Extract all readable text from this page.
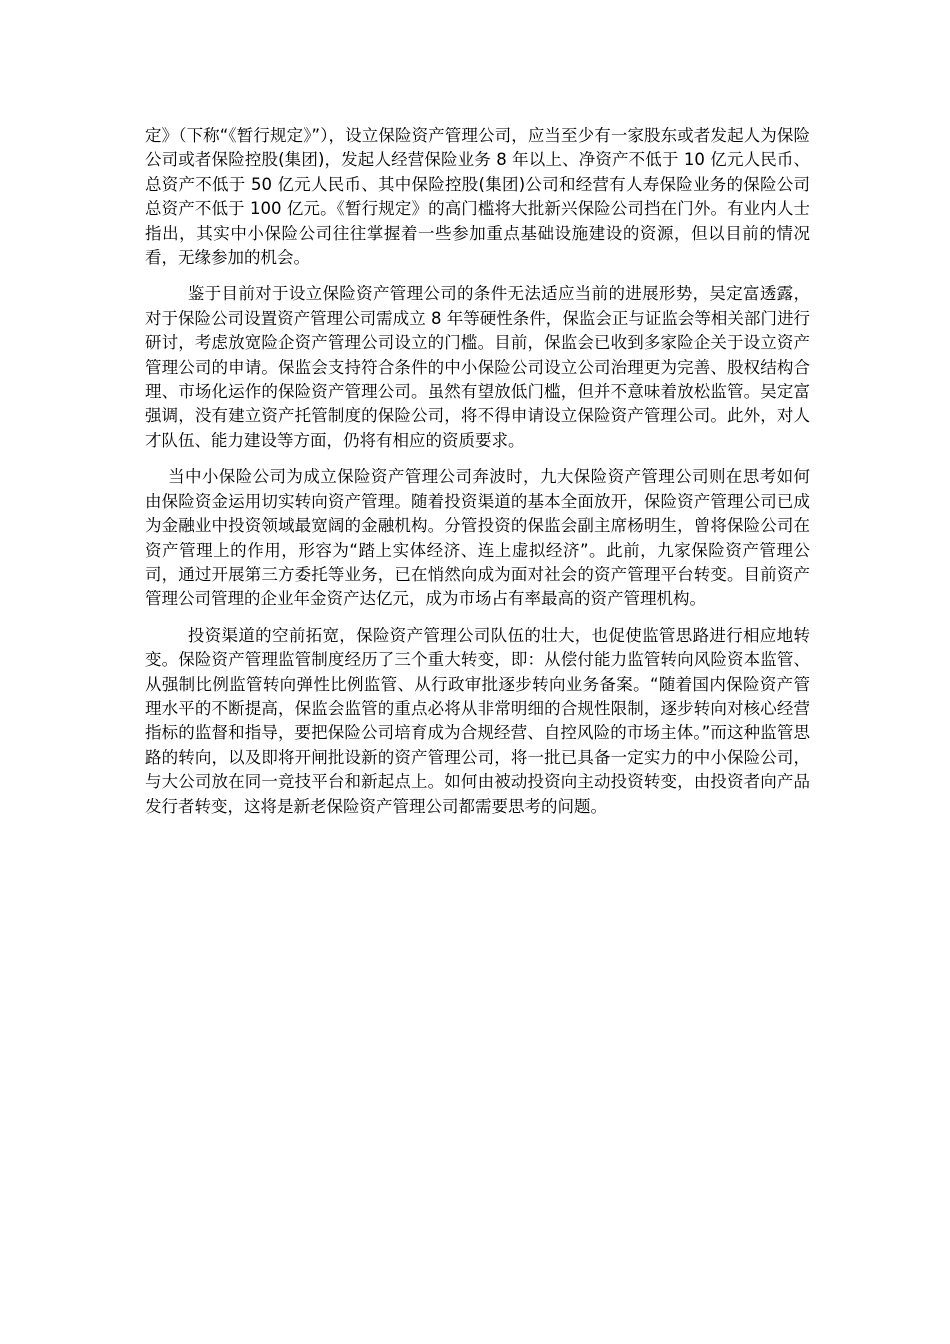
定》（下称“《暂行规定》”），设立保险资产管理公司，应当至少有一家股东或者发起人为保险公司或者保险控股(集团)，发起人经营保险业务 8 年以上、净资产不低于 10 亿元人民币、总资产不低于 50 亿元人民币、其中保险控股(集团)公司和经营有人寿保险业务的保险公司总资产不低于 100 亿元。《暂行规定》的高门槛将大批新兴保险公司挡在门外。有业内人士指出，其实中小保险公司往往掌握着一些参加重点基础设施建设的资源，但以目前的情况看，无缘参加的机会。

鉴于目前对于设立保险资产管理公司的条件无法适应当前的进展形势，吴定富透露，对于保险公司设置资产管理公司需成立 8 年等硬性条件，保监会正与证监会等相关部门进行研讨，考虑放宽险企资产管理公司设立的门槛。目前，保监会已收到多家险企关于设立资产管理公司的申请。保监会支持符合条件的中小保险公司设立公司治理更为完善、股权结构合理、市场化运作的保险资产管理公司。虽然有望放低门槛，但并不意味着放松监管。吴定富强调，没有建立资产托管制度的保险公司，将不得申请设立保险资产管理公司。此外，对人才队伍、能力建设等方面，仍将有相应的资质要求。

当中小保险公司为成立保险资产管理公司奔波时，九大保险资产管理公司则在思考如何由保险资金运用切实转向资产管理。随着投资渠道的基本全面放开，保险资产管理公司已成为金融业中投资领域最宽阔的金融机构。分管投资的保监会副主席杨明生，曾将保险公司在资产管理上的作用，形容为“踏上实体经济、连上虚拟经济”。此前，九家保险资产管理公司，通过开展第三方委托等业务，已在悄然向成为面对社会的资产管理平台转变。目前资产管理公司管理的企业年金资产达亿元，成为市场占有率最高的资产管理机构。

投资渠道的空前拓宽，保险资产管理公司队伍的壮大，也促使监管思路进行相应地转变。保险资产管理监管制度经历了三个重大转变，即：从偿付能力监管转向风险资本监管、从强制比例监管转向弹性比例监管、从行政审批逐步转向业务备案。“随着国内保险资产管理水平的不断提高，保监会监管的重点必将从非常明细的合规性限制，逐步转向对核心经营指标的监督和指导，要把保险公司培育成为合规经营、自控风险的市场主体。”而这种监管思路的转向，以及即将开闸批设新的资产管理公司，将一批已具备一定实力的中小保险公司，与大公司放在同一竞技平台和新起点上。如何由被动投资向主动投资转变，由投资者向产品发行者转变，这将是新老保险资产管理公司都需要思考的问题。
